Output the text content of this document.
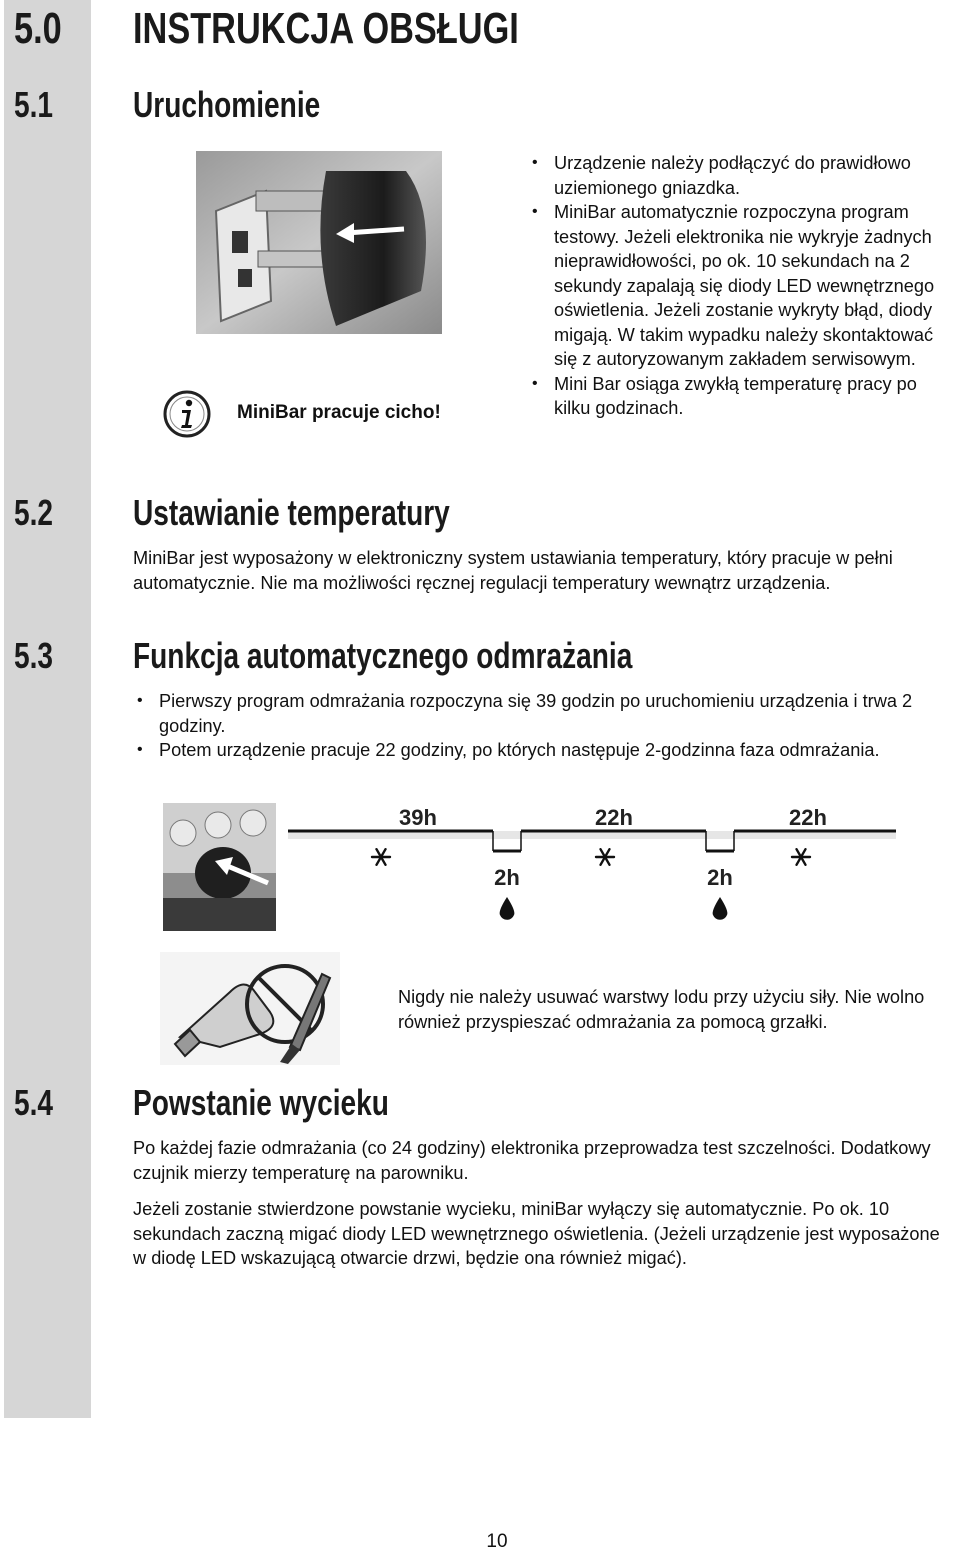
5.0 INSTRUKCJA OBSŁUGI
5.1 Uruchomienie
MiniBar pracuje cicho!
• Urządzenie należy podłączyć do prawidłowo uziemionego gniazdka.
• MiniBar automatycznie rozpoczyna program testowy. Jeżeli elektronika nie wykryje żadnych nieprawidłowości, po ok. 10 sekundach na 2 sekundy zapalają się diody LED wewnętrznego oświetlenia. Jeżeli zostanie wykryty błąd, diody migają. W takim wypadku należy skontaktować się z autoryzowanym zakładem serwisowym.
• Mini Bar osiąga zwykłą temperaturę pracy po kilku godzinach.
5.2 Ustawianie temperatury
MiniBar jest wyposażony w elektroniczny system ustawiania temperatury, który pracuje w pełni automatycznie. Nie ma możliwości ręcznej regulacji temperatury wewnątrz urządzenia.
5.3 Funkcja automatycznego odmrażania
• Pierwszy program odmrażania rozpoczyna się 39 godzin po uruchomieniu urządzenia i trwa 2 godziny.
• Potem urządzenie pracuje 22 godziny, po których następuje 2-godzinna faza odmrażania.
39h	22h	22h
2h	2h
Nigdy nie należy usuwać warstwy lodu przy użyciu siły. Nie wolno również przyspieszać odmrażania za pomocą grzałki.
5.4 Powstanie wycieku
Po każdej fazie odmrażania (co 24 godziny) elektronika przeprowadza test szczelności. Dodatkowy czujnik mierzy temperaturę na parowniku.
Jeżeli zostanie stwierdzone powstanie wycieku, miniBar wyłączy się automatycznie. Po ok. 10 sekundach zaczną migać diody LED wewnętrznego oświetlenia. (Jeżeli urządzenie jest wyposażone w diodę LED wskazującą otwarcie drzwi, będzie ona również migać).
10
